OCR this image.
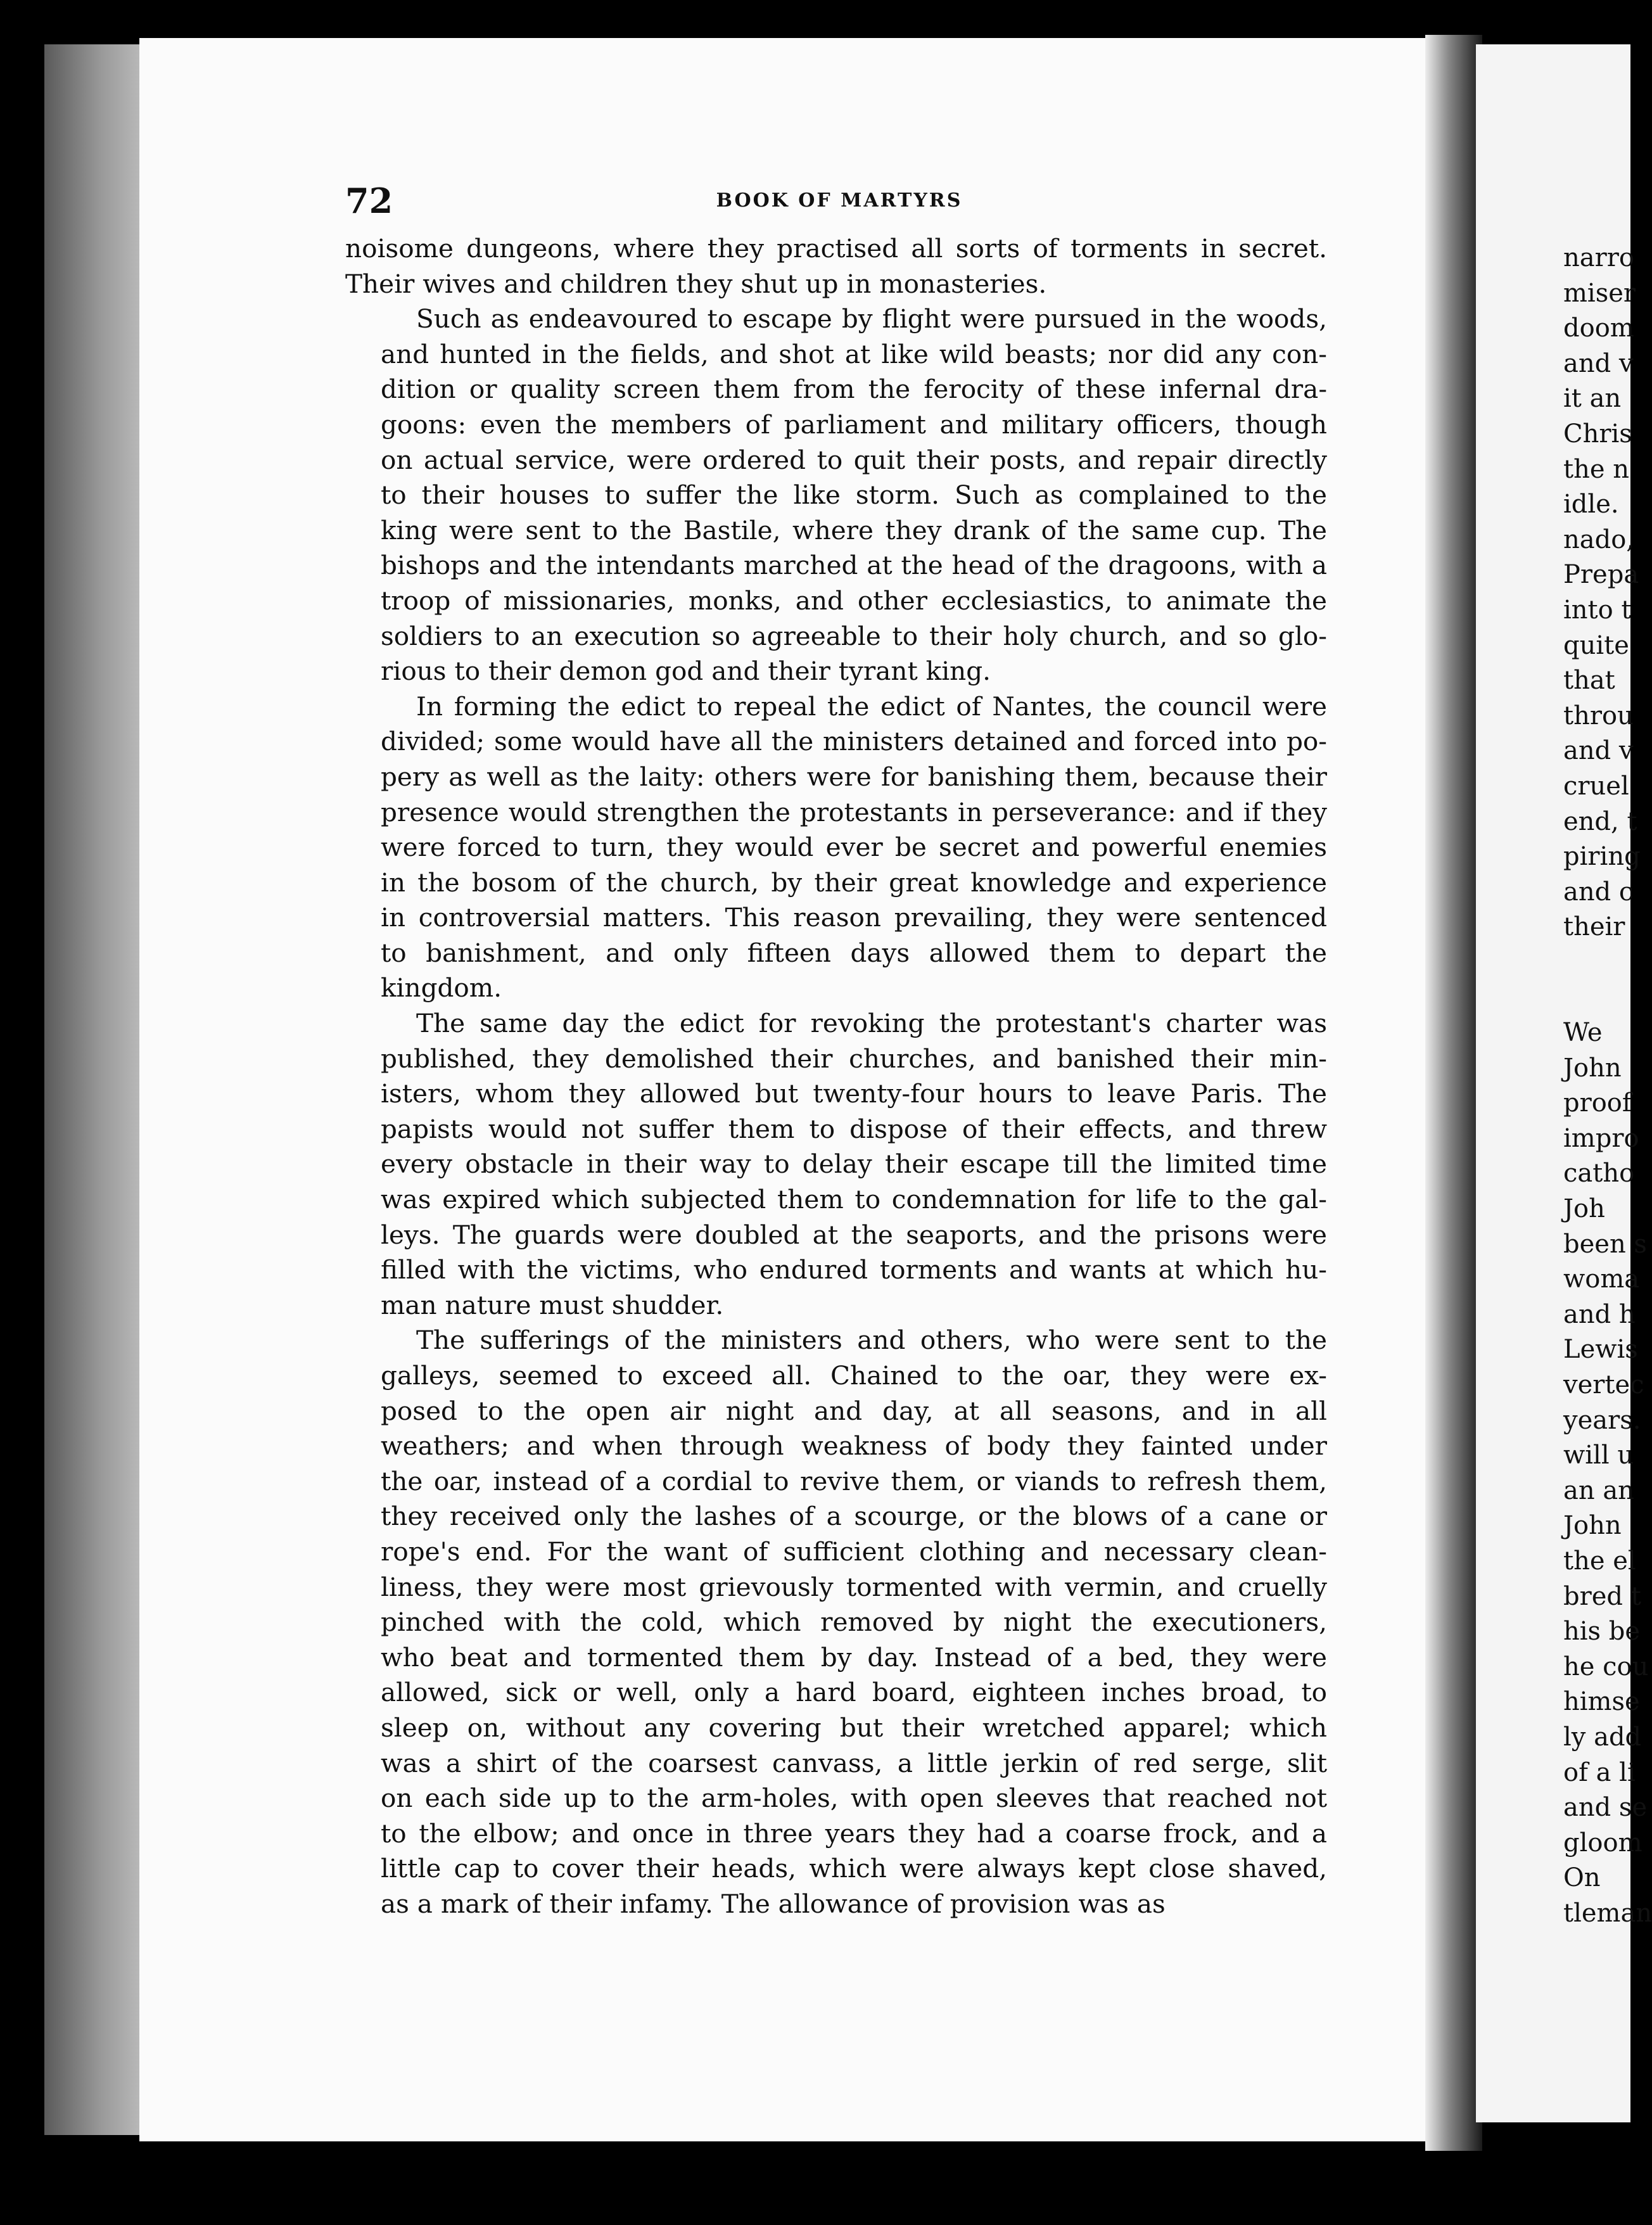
72	BOOK OF MARTYRS
noisome dungeons, where they practised all sorts of torments in secret.
Their wives and children they shut up in monasteries.
Such as endeavoured to escape by flight were pursued in the woods,
and hunted in the fields, and shot at like wild beasts; nor did any con-
dition or quality screen them from the ferocity of these infernal dra-
goons: even the members of parliament and military officers, though
on actual service, were ordered to quit their posts, and repair directly
to their houses to suffer the like storm. Such as complained to the
king were sent to the Bastile, where they drank of the same cup. The
bishops and the intendants marched at the head of the dragoons, with a
troop of missionaries, monks, and other ecclesiastics, to animate the
soldiers to an execution so agreeable to their holy church, and so glo-
rious to their demon god and their tyrant king.
In forming the edict to repeal the edict of Nantes, the council were
divided; some would have all the ministers detained and forced into po-
pery as well as the laity: others were for banishing them, because their
presence would strengthen the protestants in perseverance: and if they
were forced to turn, they would ever be secret and powerful enemies
in the bosom of the church, by their great knowledge and experience
in controversial matters. This reason prevailing, they were sentenced
to banishment, and only fifteen days allowed them to depart the
kingdom.
The same day the edict for revoking the protestant's charter was
published, they demolished their churches, and banished their min-
isters, whom they allowed but twenty-four hours to leave Paris. The
papists would not suffer them to dispose of their effects, and threw
every obstacle in their way to delay their escape till the limited time
was expired which subjected them to condemnation for life to the gal-
leys. The guards were doubled at the seaports, and the prisons were
filled with the victims, who endured torments and wants at which hu-
man nature must shudder.
The sufferings of the ministers and others, who were sent to the
galleys, seemed to exceed all. Chained to the oar, they were ex-
posed to the open air night and day, at all seasons, and in all
weathers; and when through weakness of body they fainted under
the oar, instead of a cordial to revive them, or viands to refresh them,
they received only the lashes of a scourge, or the blows of a cane or
rope's end. For the want of sufficient clothing and necessary clean-
liness, they were most grievously tormented with vermin, and cruelly
pinched with the cold, which removed by night the executioners,
who beat and tormented them by day. Instead of a bed, they were
allowed, sick or well, only a hard board, eighteen inches broad, to
sleep on, without any covering but their wretched apparel; which
was a shirt of the coarsest canvass, a little jerkin of red serge, slit
on each side up to the arm-holes, with open sleeves that reached not
to the elbow; and once in three years they had a coarse frock, and a
little cap to cover their heads, which were always kept close shaved,
as a mark of their infamy. The allowance of provision was as
narro
miser
doom
and v
it an
Chris
the n
idle.
nado,
Prepa
into t
quite
that
throu
and v
cruel
end, t
piring
and c
their
We
John
proof
impro
catho
Joh
been s
woma
and h
Lewis
vertec
years.
will u
an an
John
the el
bred t
his be
he cou
himse
ly add
of a li
and se
gloom
On
tleman
